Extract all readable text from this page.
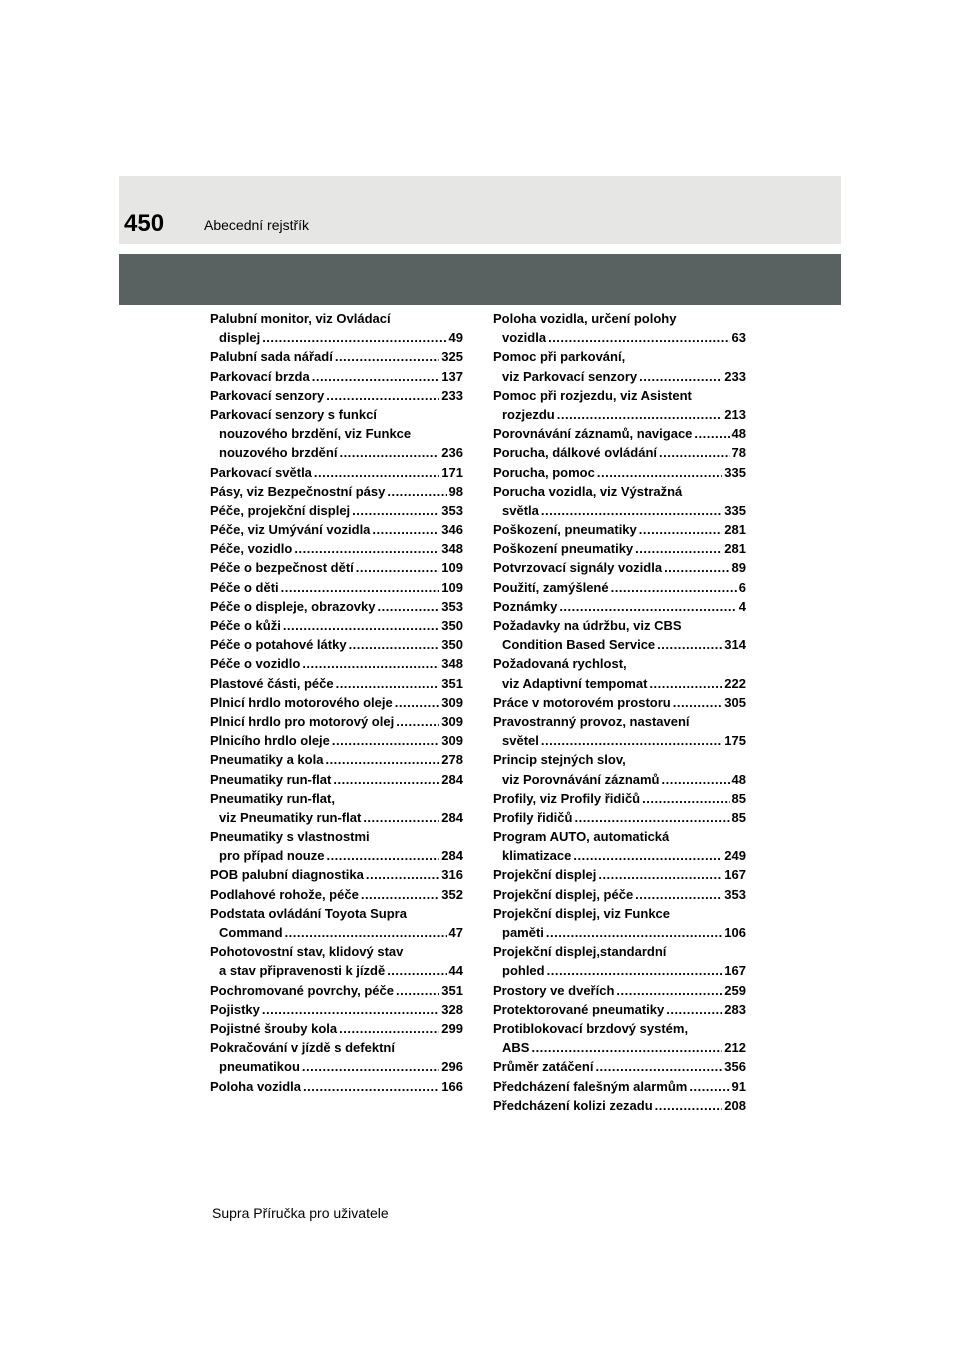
450	Abecední rejstřík
Palubní monitor, viz Ovládací
displej .....	49
Palubní sada nářadí .....	325
Parkovací brzda .....	137
Parkovací senzory .....	233
Parkovací senzory s funkcí
nouzového brzdění, viz Funkce
nouzového brzdění .....	236
Parkovací světla .....	171
Pásy, viz Bezpečnostní pásy .....	98
Péče, projekční displej .....	353
Péče, viz Umývání vozidla .....	346
Péče, vozidlo .....	348
Péče o bezpečnost dětí .....	109
Péče o děti .....	109
Péče o displeje, obrazovky .....	353
Péče o kůži .....	350
Péče o potahové látky .....	350
Péče o vozidlo .....	348
Plastové části, péče .....	351
Plnicí hrdlo motorového oleje .....	309
Plnicí hrdlo pro motorový olej .....	309
Plnicího hrdlo oleje .....	309
Pneumatiky a kola .....	278
Pneumatiky run-flat .....	284
Pneumatiky run-flat,
viz Pneumatiky run-flat .....	284
Pneumatiky s vlastnostmi
pro případ nouze .....	284
POB palubní diagnostika .....	316
Podlahové rohože, péče .....	352
Podstata ovládání Toyota Supra
Command .....	47
Pohotovostní stav, klidový stav
a stav připravenosti k jízdě .....	44
Pochromované povrchy, péče .....	351
Pojistky .....	328
Pojistné šrouby kola .....	299
Pokračování v jízdě s defektní
pneumatikou .....	296
Poloha vozidla .....	166
Poloha vozidla, určení polohy
vozidla .....	63
Pomoc při parkování,
viz Parkovací senzory .....	233
Pomoc při rozjezdu, viz Asistent
rozjezdu .....	213
Porovnávání záznamů, navigace .....	48
Porucha, dálkové ovládání .....	78
Porucha, pomoc .....	335
Porucha vozidla, viz Výstražná
světla .....	335
Poškození, pneumatiky .....	281
Poškození pneumatiky .....	281
Potvrzovací signály vozidla .....	89
Použití, zamýšlené .....	6
Poznámky .....	4
Požadavky na údržbu, viz CBS
Condition Based Service .....	314
Požadovaná rychlost,
viz Adaptivní tempomat .....	222
Práce v motorovém prostoru .....	305
Pravostranný provoz, nastavení
světel .....	175
Princip stejných slov,
viz Porovnávání záznamů .....	48
Profily, viz Profily řidičů .....	85
Profily řidičů .....	85
Program AUTO, automatická
klimatizace .....	249
Projekční displej .....	167
Projekční displej, péče .....	353
Projekční displej, viz Funkce
paměti .....	106
Projekční displej,standardní
pohled .....	167
Prostory ve dveřích .....	259
Protektorované pneumatiky .....	283
Protiblokovací brzdový systém,
ABS .....	212
Průměr zatáčení .....	356
Předcházení falešným alarmům .....	91
Předcházení kolizi zezadu .....	208
Supra Příručka pro uživatele
